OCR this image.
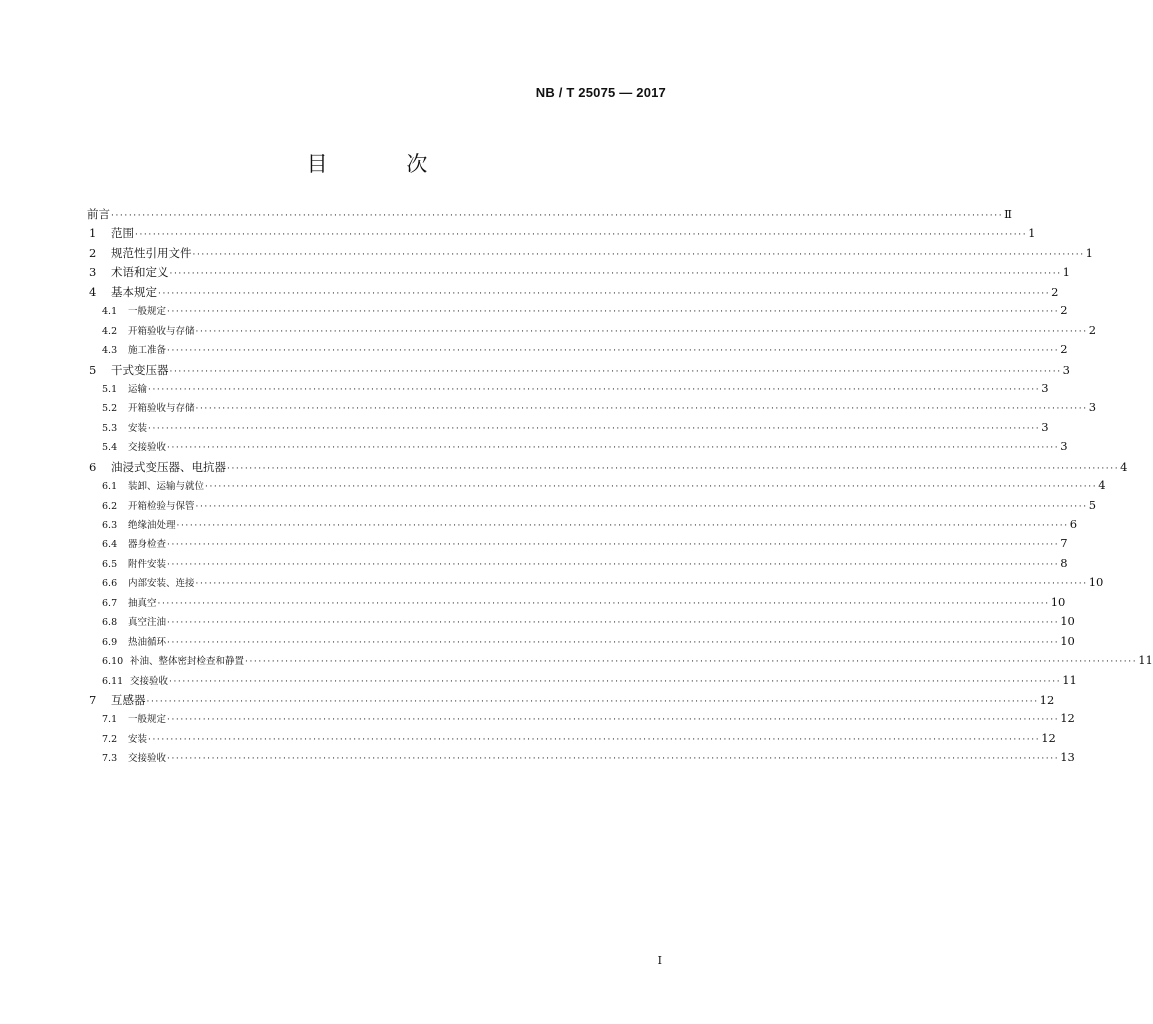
NB / T 25075 — 2017
目 次
前言 ········································································································································································································ Ⅱ
1	范围 ········································································································································································································ 1
2	规范性引用文件 ········································································································································································································ 1
3	术语和定义 ········································································································································································································ 1
4	基本规定 ········································································································································································································ 2
4.1	一般规定 ········································································································································································································ 2
4.2	开箱验收与存储 ········································································································································································································ 2
4.3	施工准备 ········································································································································································································ 2
5	干式变压器 ········································································································································································································ 3
5.1	运输 ········································································································································································································ 3
5.2	开箱验收与存储 ········································································································································································································ 3
5.3	安装 ········································································································································································································ 3
5.4	交接验收 ········································································································································································································ 3
6	油浸式变压器、电抗器 ········································································································································································································ 4
6.1	装卸、运输与就位 ········································································································································································································ 4
6.2	开箱检验与保管 ········································································································································································································ 5
6.3	绝缘油处理 ········································································································································································································ 6
6.4	器身检查 ········································································································································································································ 7
6.5	附件安装 ········································································································································································································ 8
6.6	内部安装、连接 ········································································································································································································ 10
6.7	抽真空 ········································································································································································································ 10
6.8	真空注油 ········································································································································································································ 10
6.9	热油循环 ········································································································································································································ 10
6.10 补油、整体密封检查和静置 ········································································································································································································ 11
6.11 交接验收 ········································································································································································································ 11
7	互感器 ········································································································································································································ 12
7.1	一般规定 ········································································································································································································ 12
7.2	安装 ········································································································································································································ 12
7.3	交接验收 ········································································································································································································ 13
I
